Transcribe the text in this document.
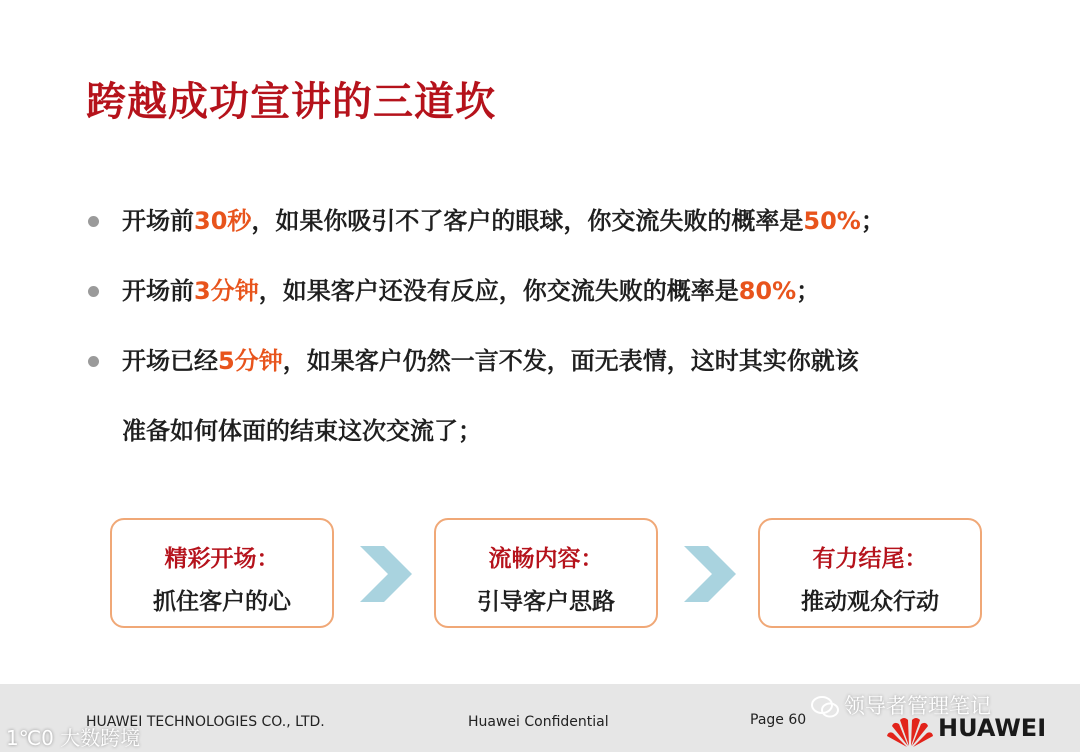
跨越成功宣讲的三道坎
开场前30秒，如果你吸引不了客户的眼球，你交流失败的概率是50%；
开场前3分钟，如果客户还没有反应，你交流失败的概率是80%；
开场已经5分钟，如果客户仍然一言不发，面无表情，这时其实你就该
准备如何体面的结束这次交流了；
精彩开场：
抓住客户的心
流畅内容：
引导客户思路
有力结尾：
推动观众行动
HUAWEI TECHNOLOGIES CO., LTD.	Huawei Confidential	Page 60
领导者管理笔记
1℃0 大数跨境	HUAWEI
